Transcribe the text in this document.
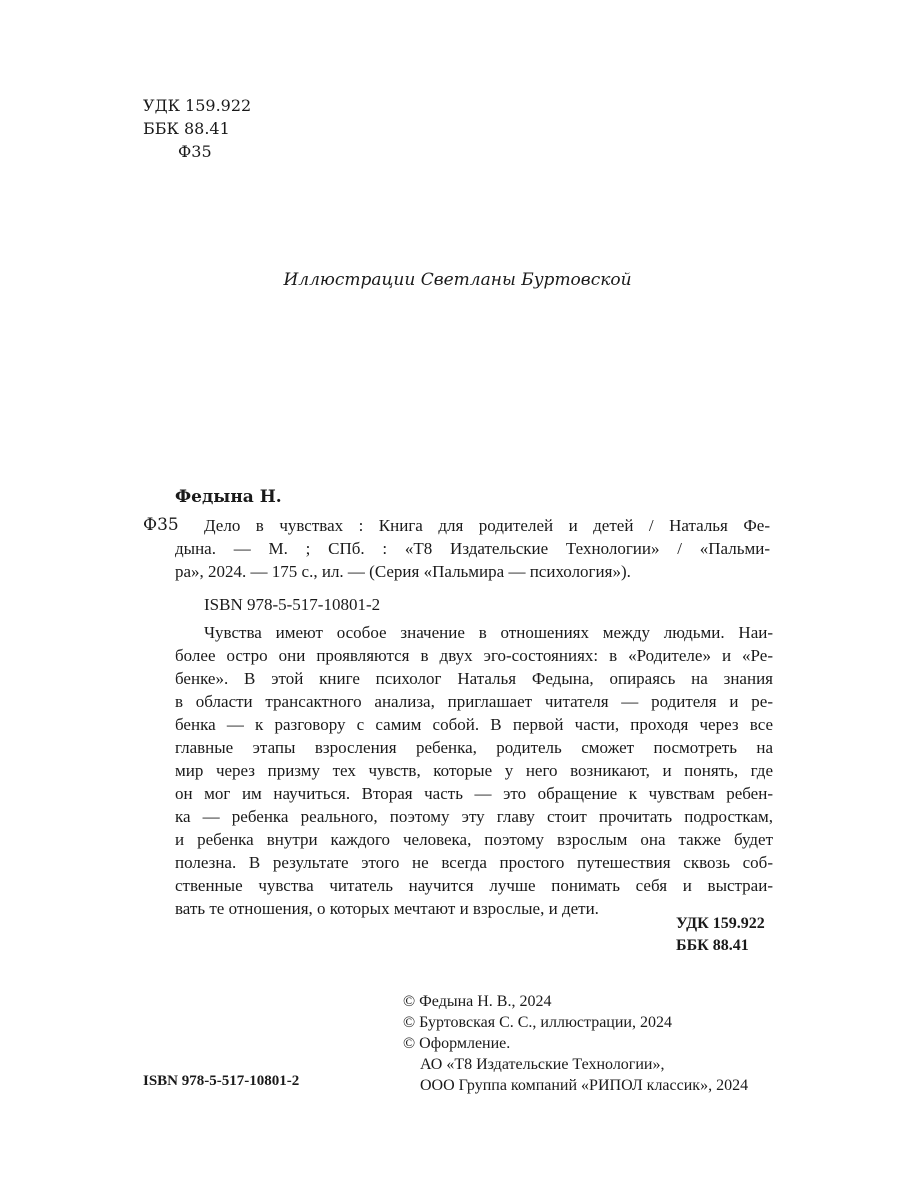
УДК 159.922
ББК 88.41
Ф35
Иллюстрации Светланы Буртовской
Федына Н.
Ф35 Дело в чувствах : Книга для родителей и детей / Наталья Фе-
дына. — М. ; СПб. : «Т8 Издательские Технологии» / «Пальми-
ра», 2024. — 175 с., ил. — (Серия «Пальмира — психология»).
ISBN 978-5-517-10801-2
Чувства имеют особое значение в отношениях между людьми. Наи-
более остро они проявляются в двух эго-состояниях: в «Родителе» и «Ре-
бенке». В этой книге психолог Наталья Федына, опираясь на знания
в области трансактного анализа, приглашает читателя — родителя и ре-
бенка — к разговору с самим собой. В первой части, проходя через все
главные этапы взросления ребенка, родитель сможет посмотреть на
мир через призму тех чувств, которые у него возникают, и понять, где
он мог им научиться. Вторая часть — это обращение к чувствам ребен-
ка — ребенка реального, поэтому эту главу стоит прочитать подросткам,
и ребенка внутри каждого человека, поэтому взрослым она также будет
полезна. В результате этого не всегда простого путешествия сквозь соб-
ственные чувства читатель научится лучше понимать себя и выстраи-
вать те отношения, о которых мечтают и взрослые, и дети.
УДК 159.922
ББК 88.41
ISBN 978-5-517-10801-2
© Федына Н. В., 2024
© Буртовская С. С., иллюстрации, 2024
© Оформление.
АО «Т8 Издательские Технологии»,
ООО Группа компаний «РИПОЛ классик», 2024
